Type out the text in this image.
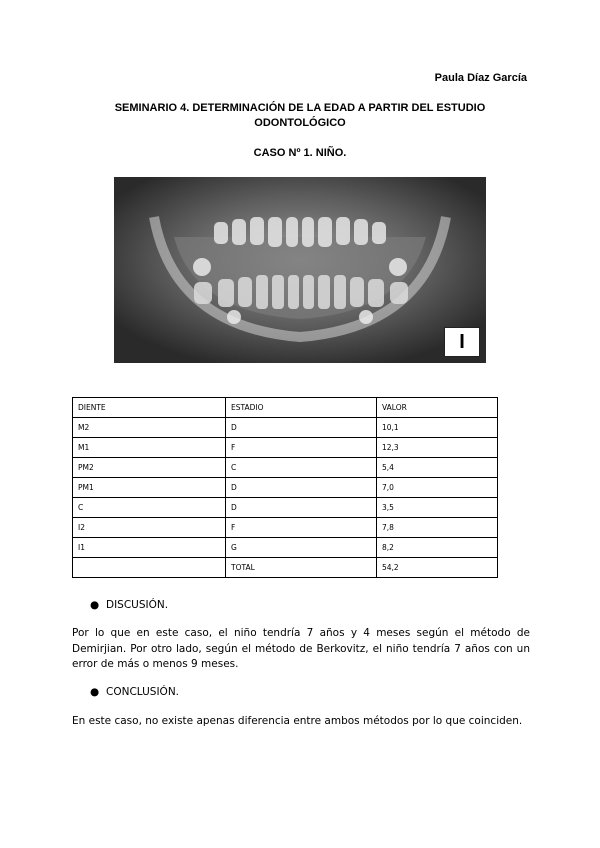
Paula Díaz García
SEMINARIO 4. DETERMINACIÓN DE LA EDAD A PARTIR DEL ESTUDIO ODONTOLÓGICO
CASO Nº 1. NIÑO.
I
DIENTE	ESTADIO	VALOR
M2	D	10,1
M1	F	12,3
PM2	C	5,4
PM1	D	7,0
C	D	3,5
I2	F	7,8
I1	G	8,2
	TOTAL	54,2
● DISCUSIÓN.
Por lo que en este caso, el niño tendría 7 años y 4 meses según el método de Demirjian. Por otro lado, según el método de Berkovitz, el niño tendría 7 años con un error de más o menos 9 meses.
● CONCLUSIÓN.
En este caso, no existe apenas diferencia entre ambos métodos por lo que coinciden.
